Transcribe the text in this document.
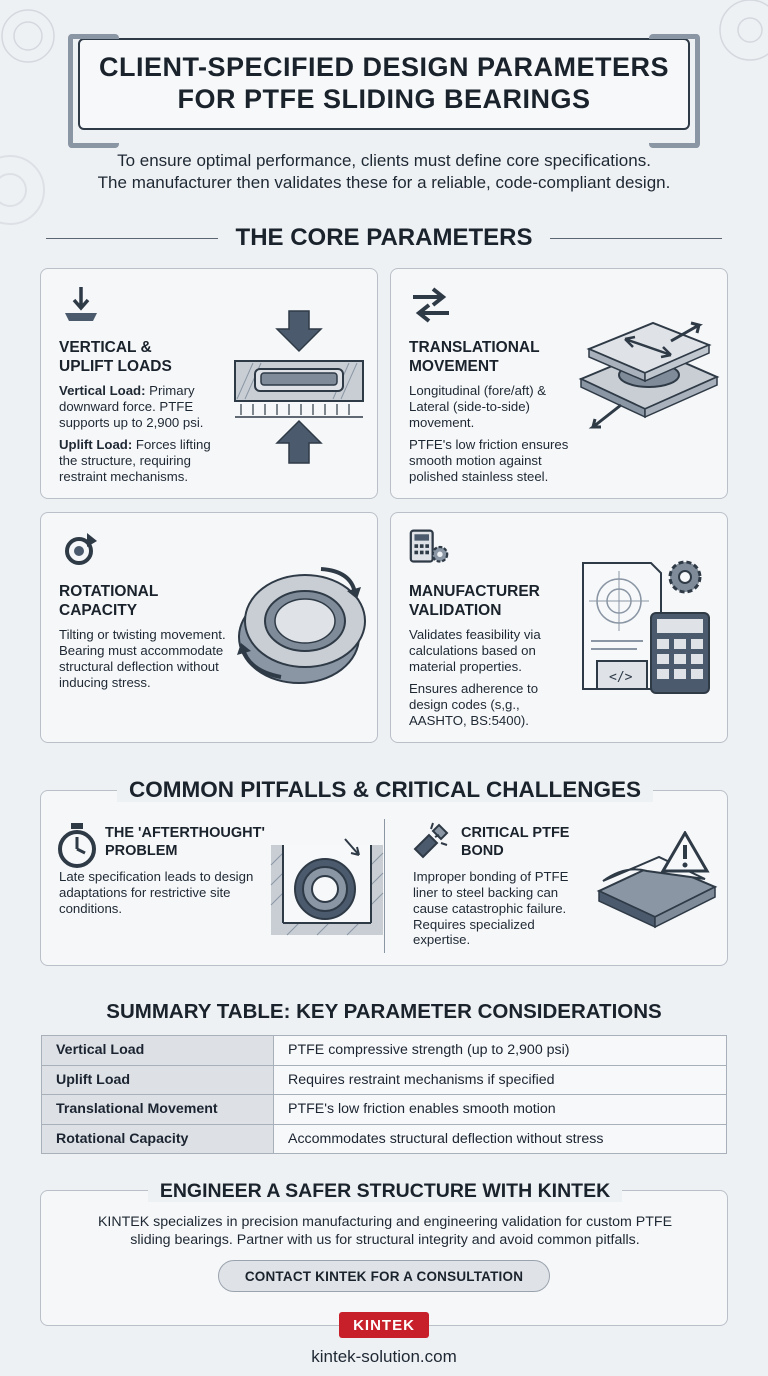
CLIENT-SPECIFIED DESIGN PARAMETERS
FOR PTFE SLIDING BEARINGS
To ensure optimal performance, clients must define core specifications.
The manufacturer then validates these for a reliable, code-compliant design.
THE CORE PARAMETERS
VERTICAL &
UPLIFT LOADS
Vertical Load: Primary downward force. PTFE supports up to 2,900 psi.
Uplift Load: Forces lifting the structure, requiring restraint mechanisms.
TRANSLATIONAL
MOVEMENT
Longitudinal (fore/aft) & Lateral (side-to-side) movement.
PTFE's low friction ensures smooth motion against polished stainless steel.
ROTATIONAL
CAPACITY
Tilting or twisting movement. Bearing must accommodate structural deflection without inducing stress.
MANUFACTURER
VALIDATION
Validates feasibility via calculations based on material properties.
Ensures adherence to design codes (s,g., AASHTO, BS:5400).
</>
COMMON PITFALLS & CRITICAL CHALLENGES
THE 'AFTERTHOUGHT'
PROBLEM
Late specification leads to design adaptations for restrictive site conditions.
CRITICAL PTFE
BOND
Improper bonding of PTFE liner to steel backing can cause catastrophic failure. Requires specialized expertise.
SUMMARY TABLE: KEY PARAMETER CONSIDERATIONS
Vertical Load	PTFE compressive strength (up to 2,900 psi)
Uplift Load	Requires restraint mechanisms if specified
Translational Movement	PTFE's low friction enables smooth motion
Rotational Capacity	Accommodates structural deflection without stress
ENGINEER A SAFER STRUCTURE WITH KINTEK
KINTEK specializes in precision manufacturing and engineering validation for custom PTFE sliding bearings. Partner with us for structural integrity and avoid common pitfalls.
CONTACT KINTEK FOR A CONSULTATION
KINTEK
kintek-solution.com
